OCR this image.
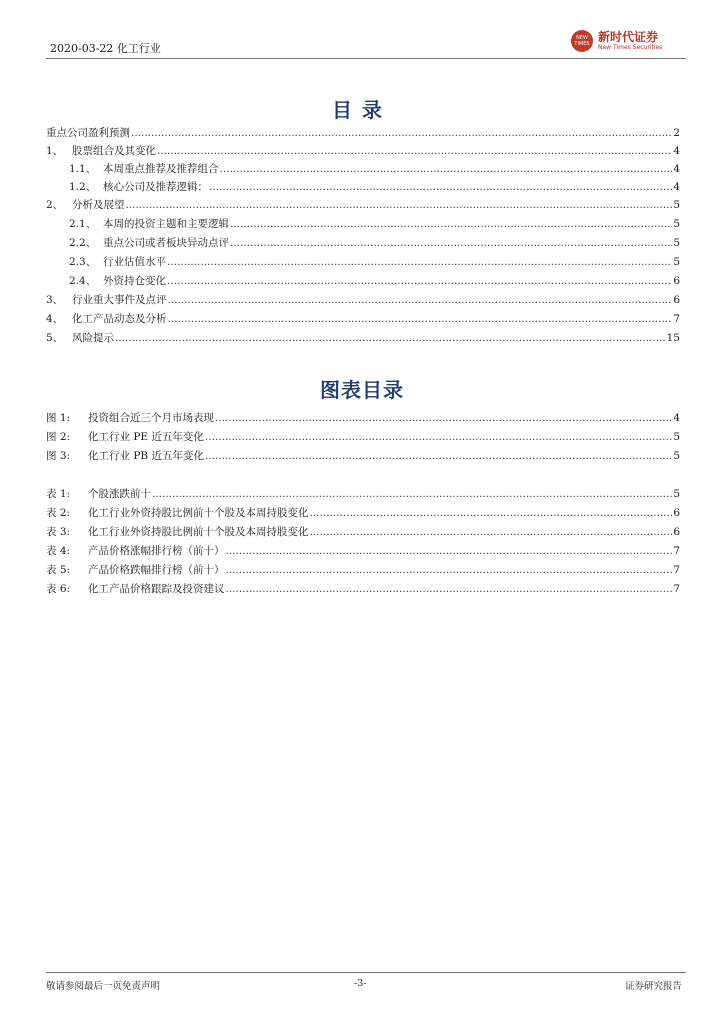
2020-03-22 化工行业
NEW
TIMES 新时代证券
New Times Securities
目录
重点公司盈利预测 .....	2
1、 股票组合及其变化 .....	4
1.1、 本周重点推荐及推荐组合 .....	4
1.2、 核心公司及推荐逻辑： .....	4
2、 分析及展望 .....	5
2.1、 本周的投资主题和主要逻辑 .....	5
2.2、 重点公司或者板块异动点评 .....	5
2.3、 行业估值水平 .....	5
2.4、 外资持仓变化 .....	6
3、 行业重大事件及点评 .....	6
4、 化工产品动态及分析 .....	7
5、 风险提示 .....	15
图表目录
图 1: 投资组合近三个月市场表现 .....	4
图 2: 化工行业 PE 近五年变化 .....	5
图 3: 化工行业 PB 近五年变化 .....	5
表 1: 个股涨跌前十 .....	5
表 2: 化工行业外资持股比例前十个股及本周持股变化 .....	6
表 3: 化工行业外资持股比例前十个股及本周持股变化 .....	6
表 4: 产品价格涨幅排行榜（前十） .....	7
表 5: 产品价格跌幅排行榜（前十） .....	7
表 6: 化工产品价格跟踪及投资建议 .....	7
敬请参阅最后一页免责声明	-3-	证券研究报告
